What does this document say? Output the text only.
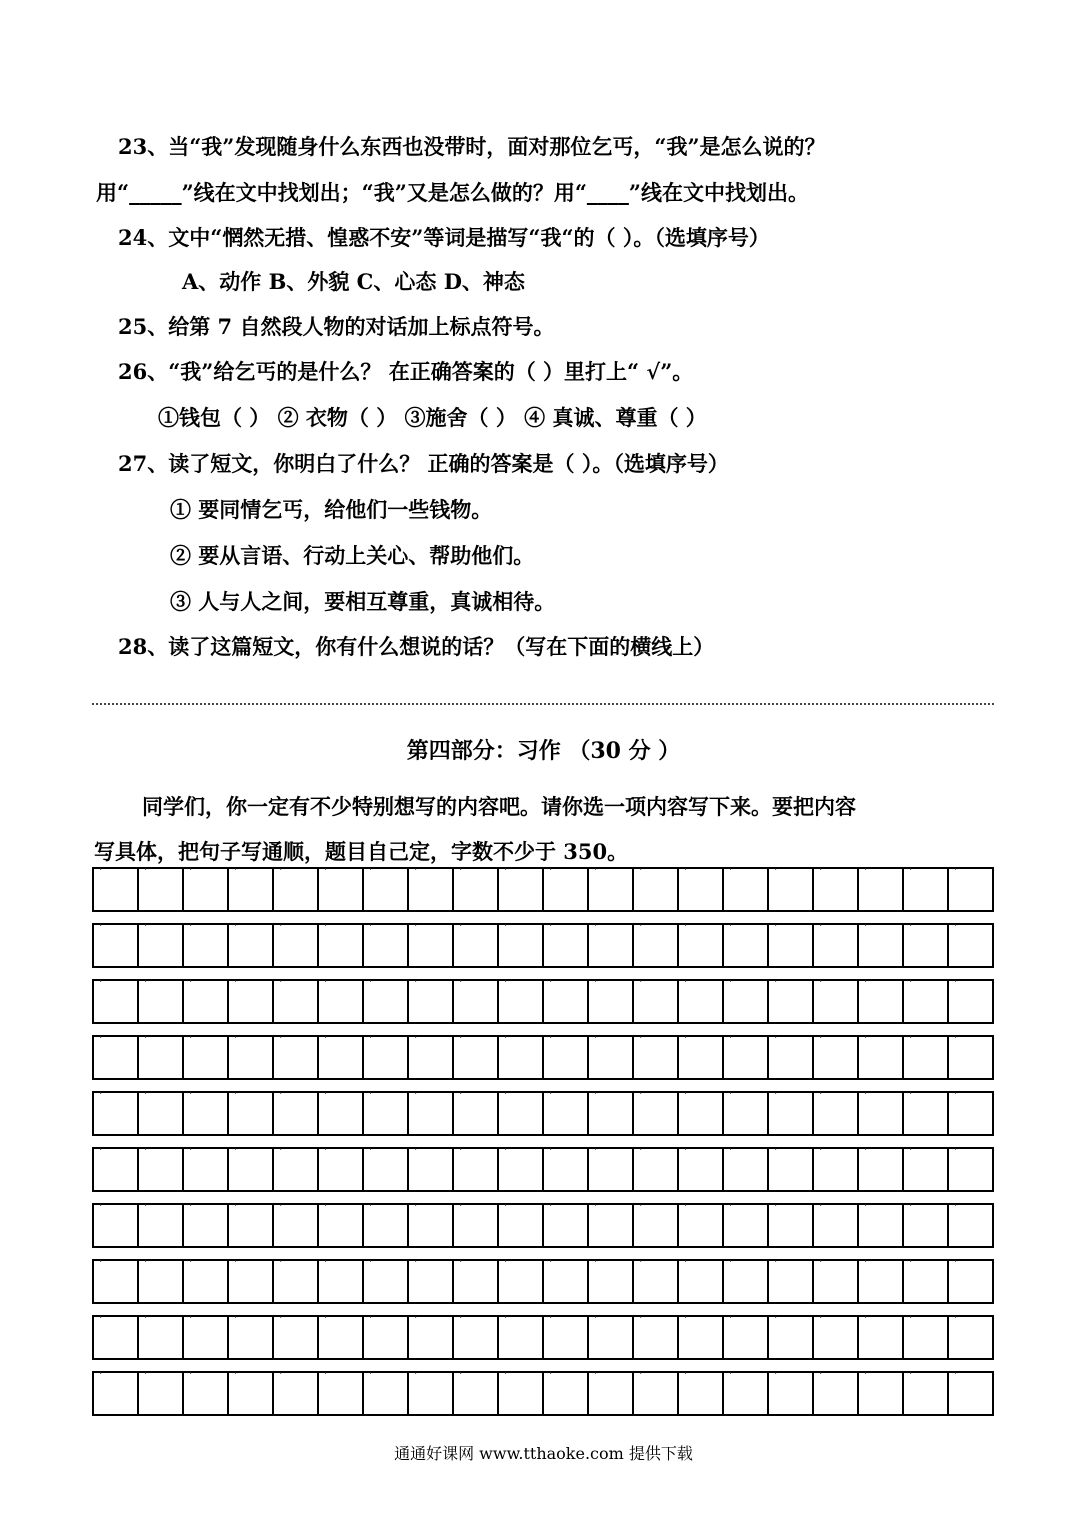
23、当“我”发现随身什么东西也没带时，面对那位乞丐，“我”是怎么说的？
用“_____”线在文中找划出；“我”又是怎么做的？用“____”线在文中找划出。
24、文中“惘然无措、惶惑不安”等词是描写“我“的（ ）。（选填序号）
A、动作 B、外貌 C、心态 D、神态
25、给第 7 自然段人物的对话加上标点符号。
26、“我”给乞丐的是什么？ 在正确答案的（ ）里打上“ √”。
①钱包（ ） ② 衣物（ ） ③施舍（ ） ④ 真诚、尊重（ ）
27、读了短文，你明白了什么？ 正确的答案是（ ）。（选填序号）
① 要同情乞丐，给他们一些钱物。
② 要从言语、行动上关心、帮助他们。
③ 人与人之间，要相互尊重，真诚相待。
28、读了这篇短文，你有什么想说的话？（写在下面的横线上）
第四部分：习作 （30 分 ）
同学们，你一定有不少特别想写的内容吧。请你选一项内容写下来。要把内容
写具体，把句子写通顺，题目自己定，字数不少于 350。
·
·
·
·
·
·
·
·
·
·
·
·
·
·
·
·
·
·
·
·
·
·
·
·
·
·
·
·
·
·
·
·
·
·
·
·
·
·
·
·
·
·
·
·
·
·
·
·
·
·
·
·
·
·
·
·
·
·
·
·
·
·
·
·
·
·
·
·
·
·
·
·
·
·
·
·
·
·
·
·
·
·
·
·
·
·
·
·
·
·
·
·
·
·
·
·
·
·
·
·
·
·
·
·
·
·
·
·
·
·
·
·
·
·
·
·
·
·
·
·
·
·
·
·
·
·
·
·
·
·
·
·
·
·
·
·
·
·
·
·
·
·
·
·
·
·
·
·
·
·
·
·
·
·
·
·
·
·
·
·
·
·
·
·
·
·
·
·
·
·
·
·
·
·
·
·
·
·
·
·
·
·
·
·
·
·
·
·
·
·
·
·
·
·
·
·
·
·
·
·
通通好课网 www.tthaoke.com 提供下载
